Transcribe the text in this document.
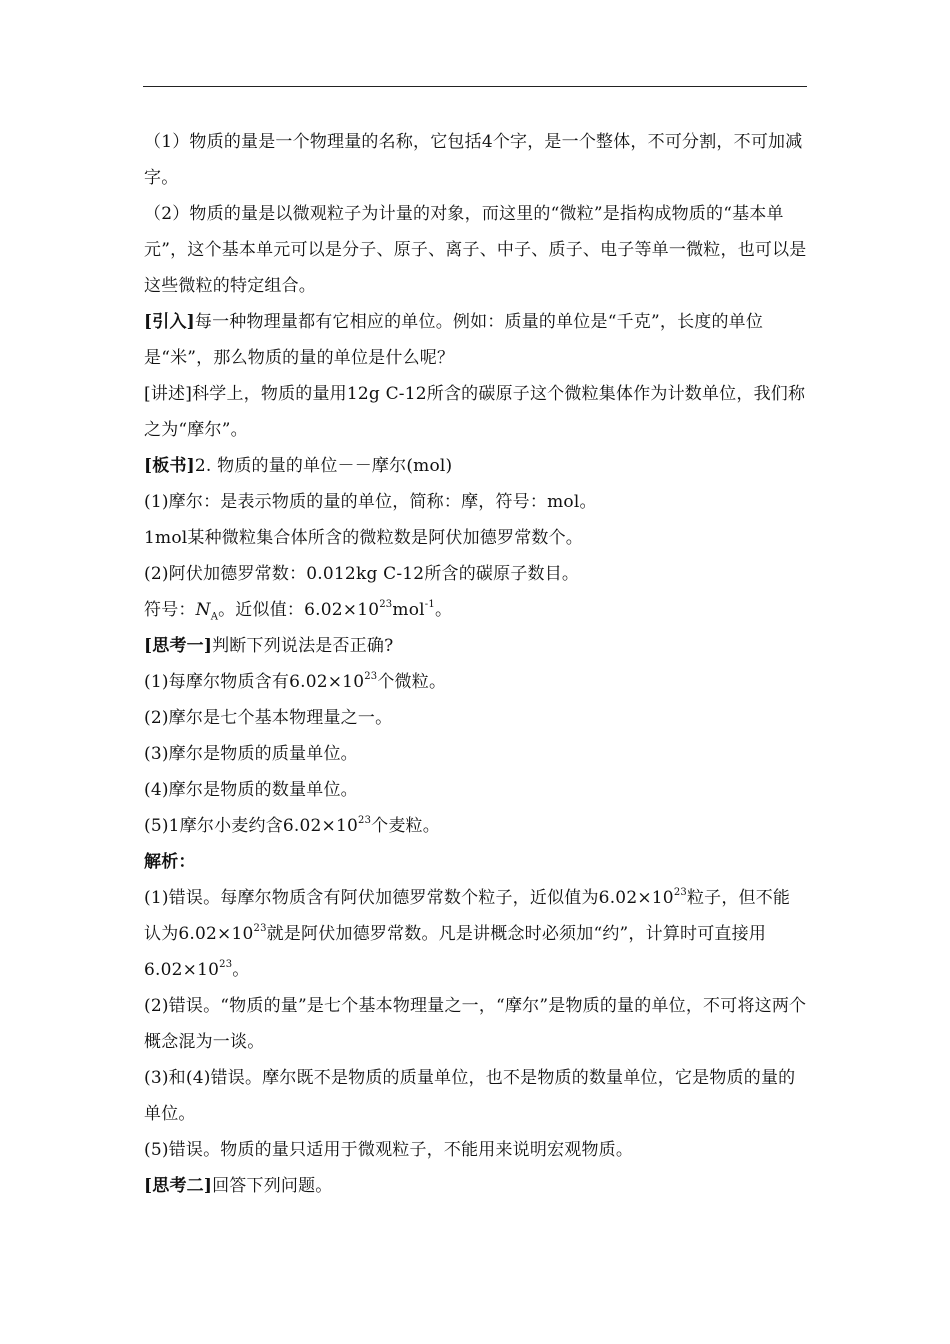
（1）物质的量是一个物理量的名称，它包括4个字，是一个整体，不可分割，不可加减字。

（2）物质的量是以微观粒子为计量的对象，而这里的“微粒”是指构成物质的“基本单元”，这个基本单元可以是分子、原子、离子、中子、质子、电子等单一微粒，也可以是这些微粒的特定组合。

[引入]每一种物理量都有它相应的单位。例如：质量的单位是“千克”，长度的单位是“米”，那么物质的量的单位是什么呢？

[讲述]科学上，物质的量用12g C-12所含的碳原子这个微粒集体作为计数单位，我们称之为“摩尔”。

[板书]2. 物质的量的单位－－摩尔(mol)

(1)摩尔：是表示物质的量的单位，简称：摩，符号：mol。

1mol某种微粒集合体所含的微粒数是阿伏加德罗常数个。

(2)阿伏加德罗常数：0.012kg C-12所含的碳原子数目。

符号：$N_A$。近似值：$6.02\times 10^{23}mol^{-1}$。

[思考一]判断下列说法是否正确?

(1)每摩尔物质含有$6.02\times 10^{23}$个微粒。

(2)摩尔是七个基本物理量之一。

(3)摩尔是物质的质量单位。

(4)摩尔是物质的数量单位。

(5)1摩尔小麦约含$6.02\times 10^{23}$个麦粒。

解析：

(1)错误。每摩尔物质含有阿伏加德罗常数个粒子，近似值为$6.02\times 10^{23}$粒子，但不能认为$6.02\times 10^{23}$就是阿伏加德罗常数。凡是讲概念时必须加“约”，计算时可直接用$6.02\times 10^{23}$。

(2)错误。“物质的量”是七个基本物理量之一，“摩尔”是物质的量的单位，不可将这两个概念混为一谈。

(3)和(4)错误。摩尔既不是物质的质量单位，也不是物质的数量单位，它是物质的量的单位。

(5)错误。物质的量只适用于微观粒子，不能用来说明宏观物质。

[思考二]回答下列问题。
